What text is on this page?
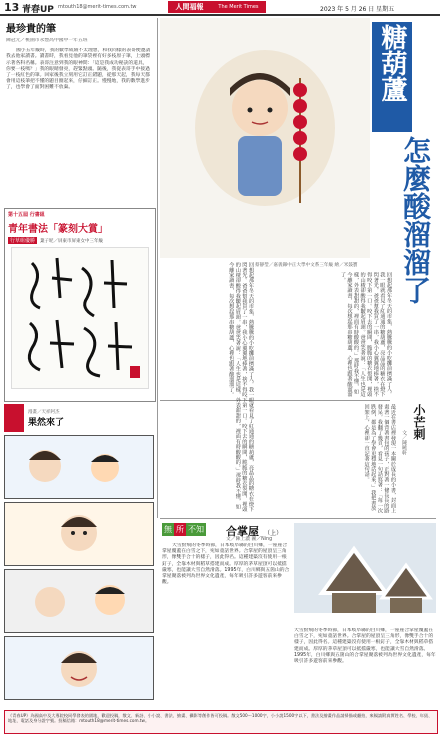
13 青春UP mtouth18@merit-times.com.tw	人間福報	The Merit Times	2023 年 5 月 26 日 星期五
最珍貴的筆
陳冠元／桃園市永豐高中國中一年五班
國小五年級時，我的數學成績不太理想，和我同樣的表哥便邀請我去他家讀書。讀書時，我看見他的筆袋裡有好多枝原子筆，上頭標示著各科名稱。表哥注意到我的眼神問：「這是我成功秘訣的道具，你要一枝嗎？」我的眼睛發亮，趕緊點頭。隨後，我從表哥手中接過了一枝紅色的筆。回家後我立刻用它訂正錯題，從那天起，我每天都會用這枝筆把不懂的題目圈起來，仔細訂正。慢慢地，我的數學進步了，也學會了面對困難不放棄。	糖葫蘆
怎麼酸溜溜了
蔡靜瑩／嘉義縣中正大學中文系三年級 繪／米鼓寶
回想起那年冬天的市集，熱騰騰的小吃攤前擠滿了人。我一眼就看見了紅通通的糖葫蘆，亮晶晶的糖衣在燈下閃著光。爸爸幫我買了一串，我小心翼翼地捧著，捨不得咬下第一口。咬下去的瞬間，脆脆的糖衣裂開，裡頭的山楂卻酸得我皺起眉頭。爸爸笑著說：「人生也是這樣，外表甜甜的，裡面有時酸酸的。」那時我不懂，如今離家讀書，每次想起那串糖葫蘆，心裡也跟著酸溜溜了。
小芒刺
文／陳曉軒
最近在書店裡發現一本關於成長的小書，封面上畫著一個背著書包的孩子，正對著一條長長的路發呆。我翻了幾頁，看見一句話寫著：「每一次跌倒，都是為了學會更穩地站起來。」我把書放回架上，心裡卻一直記著這句話。
回想起那年冬天的市集，熱騰騰的小吃攤前擠滿了人。我一眼就看見了紅通通的糖葫蘆，亮晶晶的糖衣在燈下閃著光。爸爸幫我買了一串，我小心翼翼地捧著，捨不得咬下第一口。咬下去的瞬間，脆脆的糖衣裂開，裡頭的山楂卻酸得我皺起眉頭。爸爸笑著說：「人生也是這樣，外表甜甜的，裡面有時酸酸的。」那時我不懂，如今離家讀書，每次想起那串糖葫蘆，心裡也跟著酸溜溜了。
第十五屆 行書組
青年書法「篆刻大賞」
行草組優勝	葉子坭／屏東市屏東女中三年級
漫畫／天祥阿杰
果然來了
無 所 不知 合掌屋 （上）
文／陳上濃 圖／Ning
大雪紛飛的冬季時節，日本岐阜縣的白川鄉，一座座合掌屋覆蓋在白雪之下，宛如童話世界。合掌屋的屋頂呈三角形，像雙手合十的樣子，因此得名。這種建築沒有使用一根釘子，全靠木材與稻草搭建而成。厚厚的茅草屋頂可以抵擋嚴寒，也能讓大雪自然滑落。1995年，白川鄉與五箇山的合掌屋聚落被列為世界文化遺產，每年吸引許多遊客前來參觀。
大雪紛飛的冬季時節，日本岐阜縣的白川鄉，一座座合掌屋覆蓋在白雪之下，宛如童話世界。合掌屋的屋頂呈三角形，像雙手合十的樣子，因此得名。這種建築沒有使用一根釘子，全靠木材與稻草搭建而成。厚厚的茅草屋頂可以抵擋嚴寒，也能讓大雪自然滑落。1995年，白川鄉與五箇山的合掌屋聚落被列為世界文化遺產，每年吸引許多遊客前來參觀。
《青春UP》為國高中及大專院校同學發表的園地，歡迎投稿，散文、新詩、小小說、書法、繪畫、攝影等創作皆可投稿。散文500～1000字，小小說1500字以下，書法及繪畫作品請掃描或翻拍，來稿請附真實姓名、學校、年級、地址、電話及身分證字號。投稿信箱：mtouth18@merit-times.com.tw。
